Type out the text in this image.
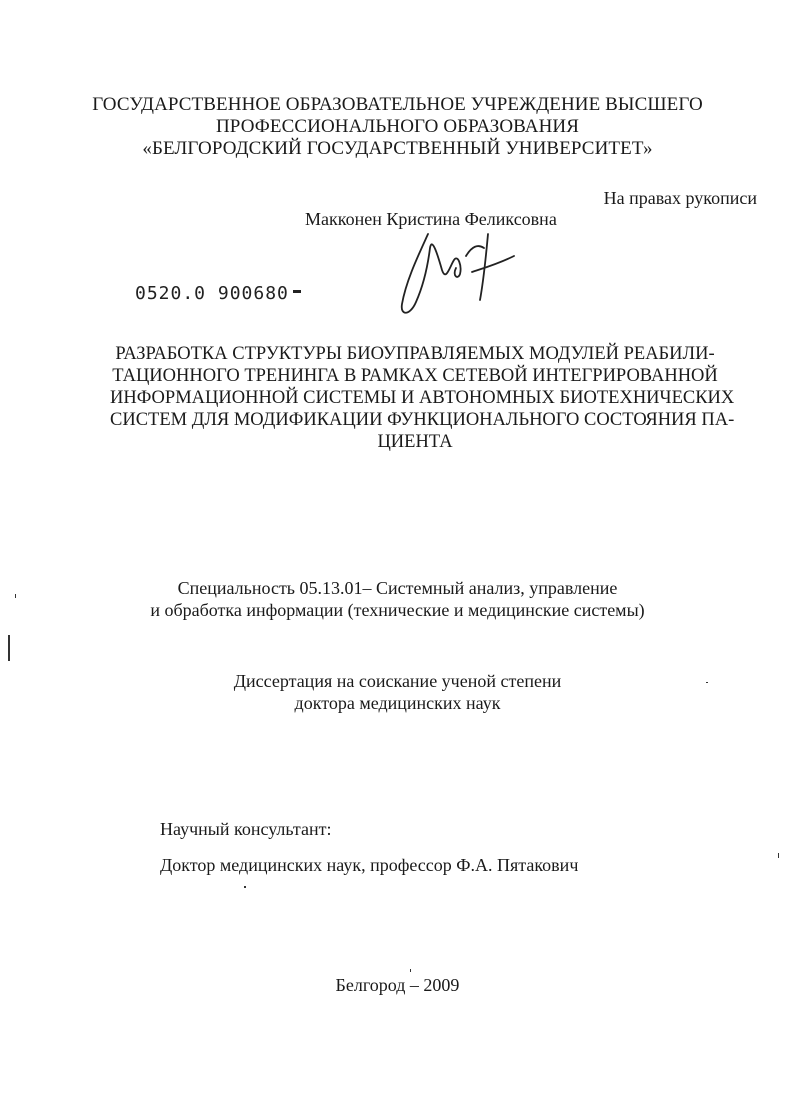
ГОСУДАРСТВЕННОЕ ОБРАЗОВАТЕЛЬНОЕ УЧРЕЖДЕНИЕ ВЫСШЕГО
ПРОФЕССИОНАЛЬНОГО ОБРАЗОВАНИЯ
«БЕЛГОРОДСКИЙ ГОСУДАРСТВЕННЫЙ УНИВЕРСИТЕТ»
На правах рукописи
Макконен Кристина Феликсовна
0520.0 900680
РАЗРАБОТКА СТРУКТУРЫ БИОУПРАВЛЯЕМЫХ МОДУЛЕЙ РЕАБИЛИ-
ТАЦИОННОГО ТРЕНИНГА В РАМКАХ СЕТЕВОЙ ИНТЕГРИРОВАННОЙ
ИНФОРМАЦИОННОЙ СИСТЕМЫ И АВТОНОМНЫХ БИОТЕХНИЧЕСКИХ
СИСТЕМ ДЛЯ МОДИФИКАЦИИ ФУНКЦИОНАЛЬНОГО СОСТОЯНИЯ ПА-
ЦИЕНТА
Специальность 05.13.01– Системный анализ, управление
и обработка информации (технические и медицинские системы)
Диссертация на соискание ученой степени
доктора медицинских наук
Научный консультант:
Доктор медицинских наук, профессор Ф.А. Пятакович
Белгород – 2009
